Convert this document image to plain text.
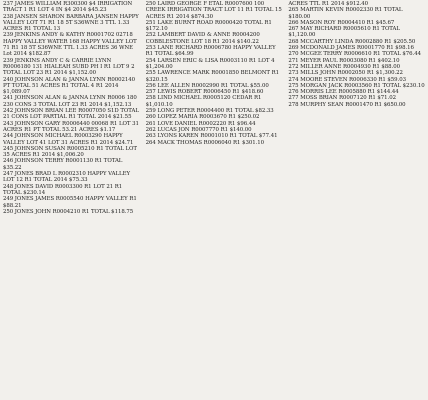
237 JAMES WILLIAM R300300 $4 IRRIGATION TRACT 1 R1 LOT 4 IN $4 2014 $45.23

238 JANSEN SHARON BARBARA JANSEN HAPPY VALLEY LOT 71 R1 18 5T S36WNE 3 TTL 1.33 ACRES R1 TOTAL 13

239 JENKINS ANDY & KATHY R0001702 02718 HAPPY VALLEY WATER 168 HAPPY VALLEY LOT 71 R1 18 5T S36WNE TTL 1.33 ACRES 36 WNE Lot 2014 $182.87

239 JENKINS ANDY C & CARRIE LYNN R0006180 131 HIALEAH SUBD PH I R1 LOT 9 2 TOTAL LOT 23 R1 2014 $1,152.00

240 JOHNSON ALAN & JANNA LYNN R0002140 PT TOTAL 51 ACRES R1 TOTAL 4 R1 2014 $1,089.07

241 JOHNSON ALAN & JANNA LYNN R0006 180 230 CONS 3 TOTAL LOT 23 R1 2014 $1,152.13

242 JOHNSON BRIAN LEE R0007050 S1D TOTAL 21 CONS LOT PARTIAL R1 TOTAL 2014 $21.55

243 JOHNSON GARY R0006440 00068 R1 LOT 31 ACRES R1 PT TOTAL 53.21 ACRES $1.17

244 JOHNSON MICHAEL R0003290 HAPPY VALLEY LOT 41 LOT 31 ACRES R1 2014 $24.71

245 JOHNSON SUSAN R0005210 R1 TOTAL LOT 35 ACRES R1 2014 $1,006.20

246 JOHNSON TERRY R0001130 R1 TOTAL $35.22

247 JONES BRAD L R0002310 HAPPY VALLEY LOT 12 R1 TOTAL 2014 $75.33

248 JONES DAVID R0003300 R1 LOT 21 R1 TOTAL $230.14

249 JONES JAMES R0005540 HAPPY VALLEY R1 $88.21

250 JONES JOHN R0004210 R1 TOTAL $118.75

250 LAIRD GEORGE F ETAL R0007600 100 CREEK IRRIGATION TRACT LOT 11 R1 TOTAL 15 ACRES R1 2014 $874.30

251 LAKE BURNT ROAD R0000420 TOTAL R1 $172.10

252 LAMBERT DAVID & ANNE R0004200 COBBLESTONE LOT 18 R1 2014 $140.22

253 LANE RICHARD R0006780 HAPPY VALLEY R1 TOTAL $64.99

254 LARSEN ERIC & LISA R0003110 R1 LOT 4 $1,204.00

255 LAWRENCE MARK R0001850 BELMONT R1 $320.15

256 LEE ALLEN R0002990 R1 TOTAL $55.00

257 LEWIS ROBERT R0006450 R1 $418.60

258 LIND MICHAEL R0005120 CEDAR R1 $1,010.10

259 LONG PETER R0004400 R1 TOTAL $82.33

260 LOPEZ MARIA R0003670 R1 $250.02

261 LOVE DANIEL R0002220 R1 $96.44

262 LUCAS JON R0007770 R1 $140.00

263 LYONS KAREN R0001010 R1 TOTAL $77.41

264 MACK THOMAS R0006040 R1 $301.10

ACRES TTL R1 2014 $912.40

265 MARTIN KEVIN R0002330 R1 TOTAL $180.00

266 MASON ROY R0004410 R1 $45.67

267 MAY RICHARD R0005610 R1 TOTAL $1,120.00

268 MCCARTHY LINDA R0002880 R1 $205.50

269 MCDONALD JAMES R0001770 R1 $98.16

270 MCGEE TERRY R0006610 R1 TOTAL $76.44

271 MEYER PAUL R0003080 R1 $402.10

272 MILLER ANNE R0004930 R1 $88.00

273 MILLS JOHN R0002050 R1 $1,300.22

274 MOORE STEVEN R0006330 R1 $59.03

275 MORGAN JACK R0003560 R1 TOTAL $230.10

276 MORRIS LEE R0005880 R1 $144.44

277 MOSS BRIAN R0007120 R1 $71.02

278 MURPHY SEAN R0001470 R1 $650.00
